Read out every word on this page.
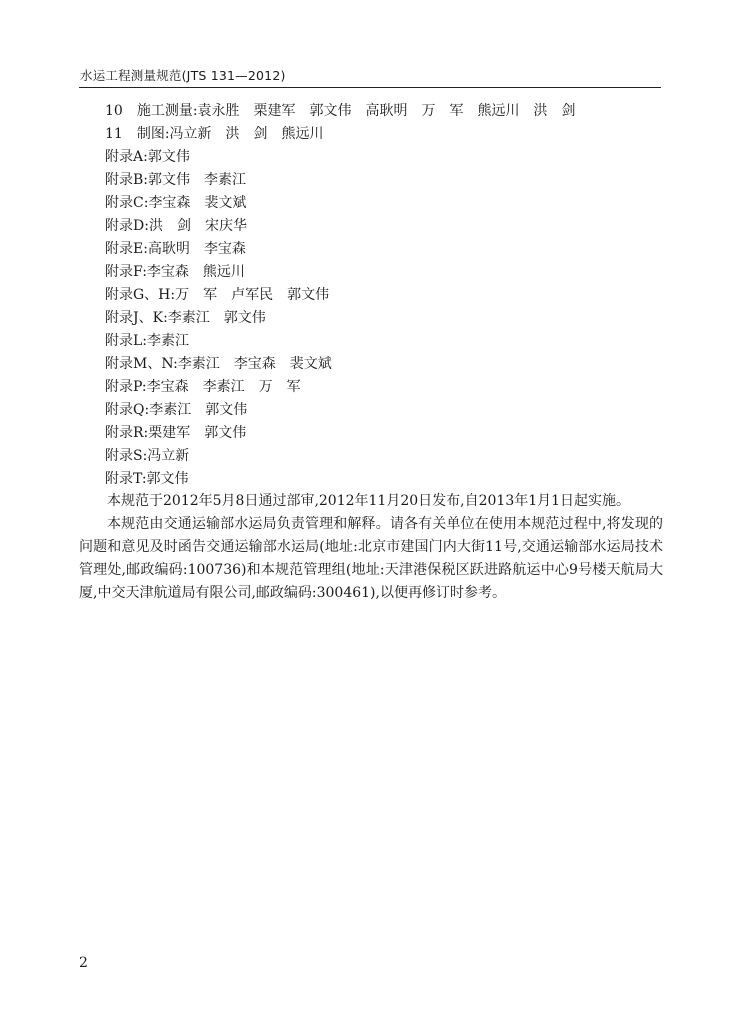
水运工程测量规范(JTS 131—2012)
10　施工测量:袁永胜　栗建军　郭文伟　高耿明　万　军　熊远川　洪　剑
11　制图:冯立新　洪　剑　熊远川
附录A:郭文伟
附录B:郭文伟　李素江
附录C:李宝森　裴文斌
附录D:洪　剑　宋庆华
附录E:高耿明　李宝森
附录F:李宝森　熊远川
附录G、H:万　军　卢军民　郭文伟
附录J、K:李素江　郭文伟
附录L:李素江
附录M、N:李素江　李宝森　裴文斌
附录P:李宝森　李素江　万　军
附录Q:李素江　郭文伟
附录R:栗建军　郭文伟
附录S:冯立新
附录T:郭文伟

本规范于2012年5月8日通过部审,2012年11月20日发布,自2013年1月1日起实施。

本规范由交通运输部水运局负责管理和解释。请各有关单位在使用本规范过程中,将发现的问题和意见及时函告交通运输部水运局(地址:北京市建国门内大街11号,交通运输部水运局技术管理处,邮政编码:100736)和本规范管理组(地址:天津港保税区跃进路航运中心9号楼天航局大厦,中交天津航道局有限公司,邮政编码:300461),以便再修订时参考。

2
